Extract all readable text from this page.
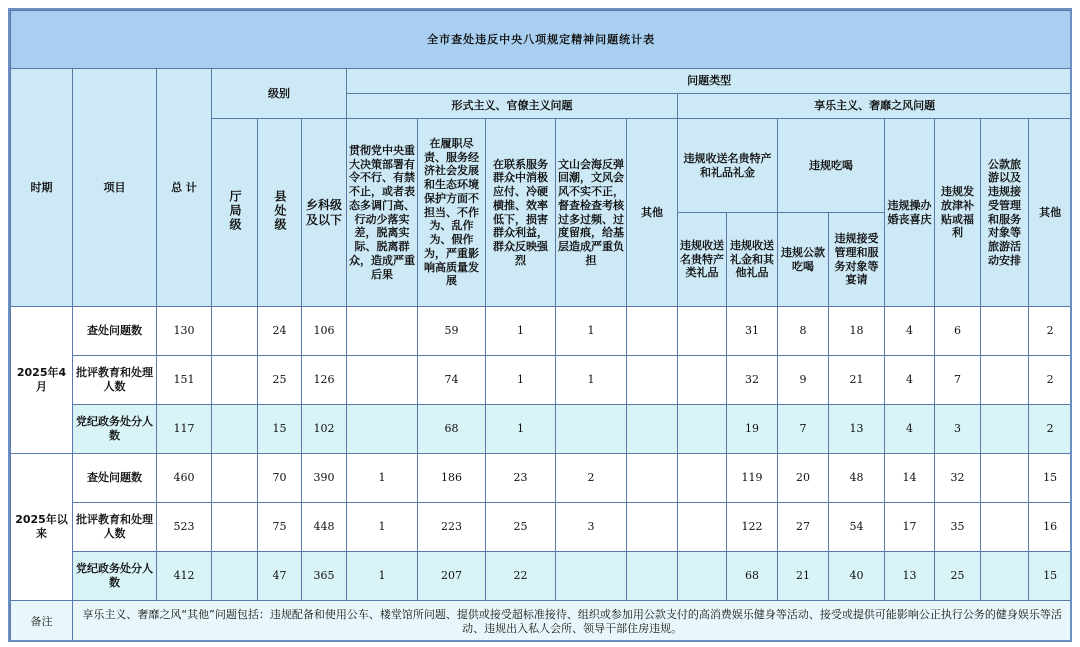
全市查处违反中央八项规定精神问题统计表																		
时期	项目	总 计	级别			问题类型												
						形式主义、官僚主义问题					享乐主义、奢靡之风问题							
			厅局级	县处级	乡科级及以下	贯彻党中央重大决策部署有令不行、有禁不止，或者表态多调门高、行动少落实差，脱离实际、脱离群众，造成严重后果	在履职尽责、服务经济社会发展和生态环境保护方面不担当、不作为、乱作为、假作为，严重影响高质量发展	在联系服务群众中消极应付、冷硬横推、效率低下，损害群众利益，群众反映强烈	文山会海反弹回潮，文风会风不实不正，督查检查考核过多过频、过度留痕，给基层造成严重负担	其他	违规收送名贵特产和礼品礼金		违规吃喝		违规操办婚丧喜庆	违规发放津补贴或福利	公款旅游以及违规接受管理和服务对象等旅游活动安排	其他
											违规收送名贵特产类礼品	违规收送礼金和其他礼品	违规公款吃喝	违规接受管理和服务对象等宴请				
2025年4月	查处问题数	130		24	106		59	1	1			31	8	18	4	6		2
	批评教育和处理人数	151		25	126		74	1	1			32	9	21	4	7		2
	党纪政务处分人数	117		15	102		68	1				19	7	13	4	3		2
2025年以来	查处问题数	460		70	390	1	186	23	2			119	20	48	14	32		15
	批评教育和处理人数	523		75	448	1	223	25	3			122	27	54	17	35		16
	党纪政务处分人数	412		47	365	1	207	22				68	21	40	13	25		15
备注	享乐主义、奢靡之风“其他”问题包括：违规配备和使用公车、楼堂馆所问题、提供或接受超标准接待、组织或参加用公款支付的高消费娱乐健身等活动、接受或提供可能影响公正执行公务的健身娱乐等活动、违规出入私人会所、领导干部住房违规。																	
